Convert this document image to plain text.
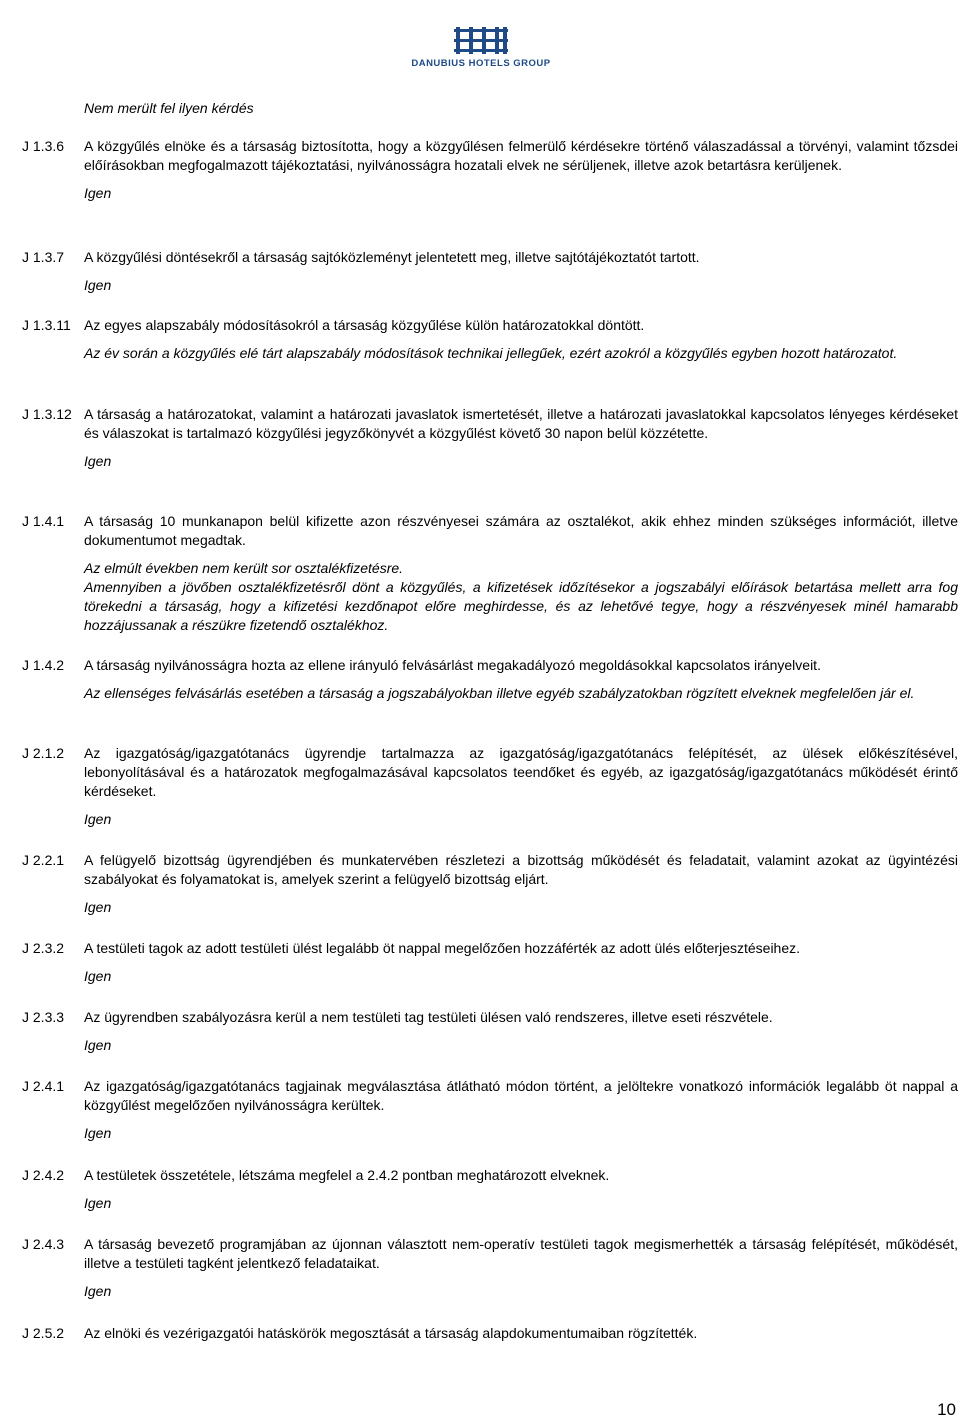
DANUBIUS HOTELS GROUP
Nem merült fel ilyen kérdés
J 1.3.6 A közgyűlés elnöke és a társaság biztosította, hogy a közgyűlésen felmerülő kérdésekre történő válaszadással a törvényi, valamint tőzsdei előírásokban megfogalmazott tájékoztatási, nyilvánosságra hozatali elvek ne sérüljenek, illetve azok betartásra kerüljenek.

Igen

J 1.3.7 A közgyűlési döntésekről a társaság sajtóközleményt jelentetett meg, illetve sajtótájékoztatót tartott.

Igen

J 1.3.11 Az egyes alapszabály módosításokról a társaság közgyűlése külön határozatokkal döntött.

Az év során a közgyűlés elé tárt alapszabály módosítások technikai jellegűek, ezért azokról a közgyűlés egyben hozott határozatot.

J 1.3.12 A társaság a határozatokat, valamint a határozati javaslatok ismertetését, illetve a határozati javaslatokkal kapcsolatos lényeges kérdéseket és válaszokat is tartalmazó közgyűlési jegyzőkönyvét a közgyűlést követő 30 napon belül közzétette.

Igen

J 1.4.1 A társaság 10 munkanapon belül kifizette azon részvényesei számára az osztalékot, akik ehhez minden szükséges információt, illetve dokumentumot megadtak.

Az elmúlt években nem került sor osztalékfizetésre.

Amennyiben a jövőben osztalékfizetésről dönt a közgyűlés, a kifizetések időzítésekor a jogszabályi előírások betartása mellett arra fog törekedni a társaság, hogy a kifizetési kezdőnapot előre meghirdesse, és az lehetővé tegye, hogy a részvényesek minél hamarabb hozzájussanak a részükre fizetendő osztalékhoz.

J 1.4.2 A társaság nyilvánosságra hozta az ellene irányuló felvásárlást megakadályozó megoldásokkal kapcsolatos irányelveit.

Az ellenséges felvásárlás esetében a társaság a jogszabályokban illetve egyéb szabályzatokban rögzített elveknek megfelelően jár el.

J 2.1.2 Az igazgatóság/igazgatótanács ügyrendje tartalmazza az igazgatóság/igazgatótanács felépítését, az ülések előkészítésével, lebonyolításával és a határozatok megfogalmazásával kapcsolatos teendőket és egyéb, az igazgatóság/igazgatótanács működését érintő kérdéseket.

Igen

J 2.2.1 A felügyelő bizottság ügyrendjében és munkatervében részletezi a bizottság működését és feladatait, valamint azokat az ügyintézési szabályokat és folyamatokat is, amelyek szerint a felügyelő bizottság eljárt.

Igen

J 2.3.2 A testületi tagok az adott testületi ülést legalább öt nappal megelőzően hozzáférték az adott ülés előterjesztéseihez.

Igen

J 2.3.3 Az ügyrendben szabályozásra kerül a nem testületi tag testületi ülésen való rendszeres, illetve eseti részvétele.

Igen

J 2.4.1 Az igazgatóság/igazgatótanács tagjainak megválasztása átlátható módon történt, a jelöltekre vonatkozó információk legalább öt nappal a közgyűlést megelőzően nyilvánosságra kerültek.

Igen

J 2.4.2 A testületek összetétele, létszáma megfelel a 2.4.2 pontban meghatározott elveknek.

Igen

J 2.4.3 A társaság bevezető programjában az újonnan választott nem-operatív testületi tagok megismerhették a társaság felépítését, működését, illetve a testületi tagként jelentkező feladataikat.

Igen

J 2.5.2 Az elnöki és vezérigazgatói hatáskörök megosztását a társaság alapdokumentumaiban rögzítették.

10
